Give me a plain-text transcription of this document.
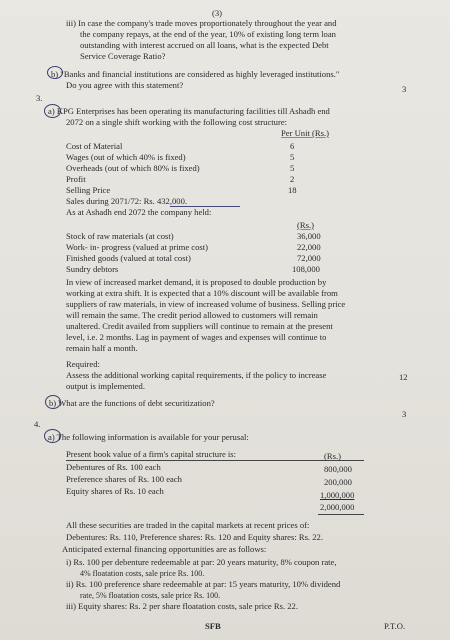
(3)
iii) In case the company's trade moves proportionately throughout the year and
the company repays, at the end of the year, 10% of existing long term loan
outstanding with interest accrued on all loans, what is the expected Debt
Service Coverage Ratio?
b) "Banks and financial institutions are considered as highly leveraged institutions."
Do you agree with this statement?	3
3.
a) KPG Enterprises has been operating its manufacturing facilities till Ashadh end
2072 on a single shift working with the following cost structure:
Per Unit (Rs.)
Cost of Material	6
Wages (out of which 40% is fixed)	5
Overheads (out of which 80% is fixed)	5
Profit	2
Selling Price	18
Sales during 2071/72: Rs. 432,000.
As at Ashadh end 2072 the company held:
(Rs.)
Stock of raw materials (at cost)	36,000
Work- in- progress (valued at prime cost)	22,000
Finished goods (valued at total cost)	72,000
Sundry debtors	108,000
In view of increased market demand, it is proposed to double production by
working at extra shift. It is expected that a 10% discount will be available from
suppliers of raw materials, in view of increased volume of business. Selling price
will remain the same. The credit period allowed to customers will remain
unaltered. Credit availed from suppliers will continue to remain at the present
level, i.e. 2 months. Lag in payment of wages and expenses will continue to
remain half a month.
Required:
Assess the additional working capital requirements, if the policy to increase
output is implemented.
12
b) What are the functions of debt securitization?
3
4.
a) The following information is available for your perusal:
Present book value of a firm's capital structure is:	(Rs.)
Debentures of Rs. 100 each	800,000
Preference shares of Rs. 100 each	200,000
Equity shares of Rs. 10 each	1,000,000
2,000,000
All these securities are traded in the capital markets at recent prices of:
Debentures: Rs. 110, Preference shares: Rs. 120 and Equity shares: Rs. 22.
Anticipated external financing opportunities are as follows:
i) Rs. 100 per debenture redeemable at par: 20 years maturity, 8% coupon rate,
4% floatation costs, sale price Rs. 100.
ii) Rs. 100 preference share redeemable at par: 15 years maturity, 10% dividend
rate, 5% floatation costs, sale price Rs. 100.
iii) Equity shares: Rs. 2 per share floatation costs, sale price Rs. 22.
SFB	P.T.O.
